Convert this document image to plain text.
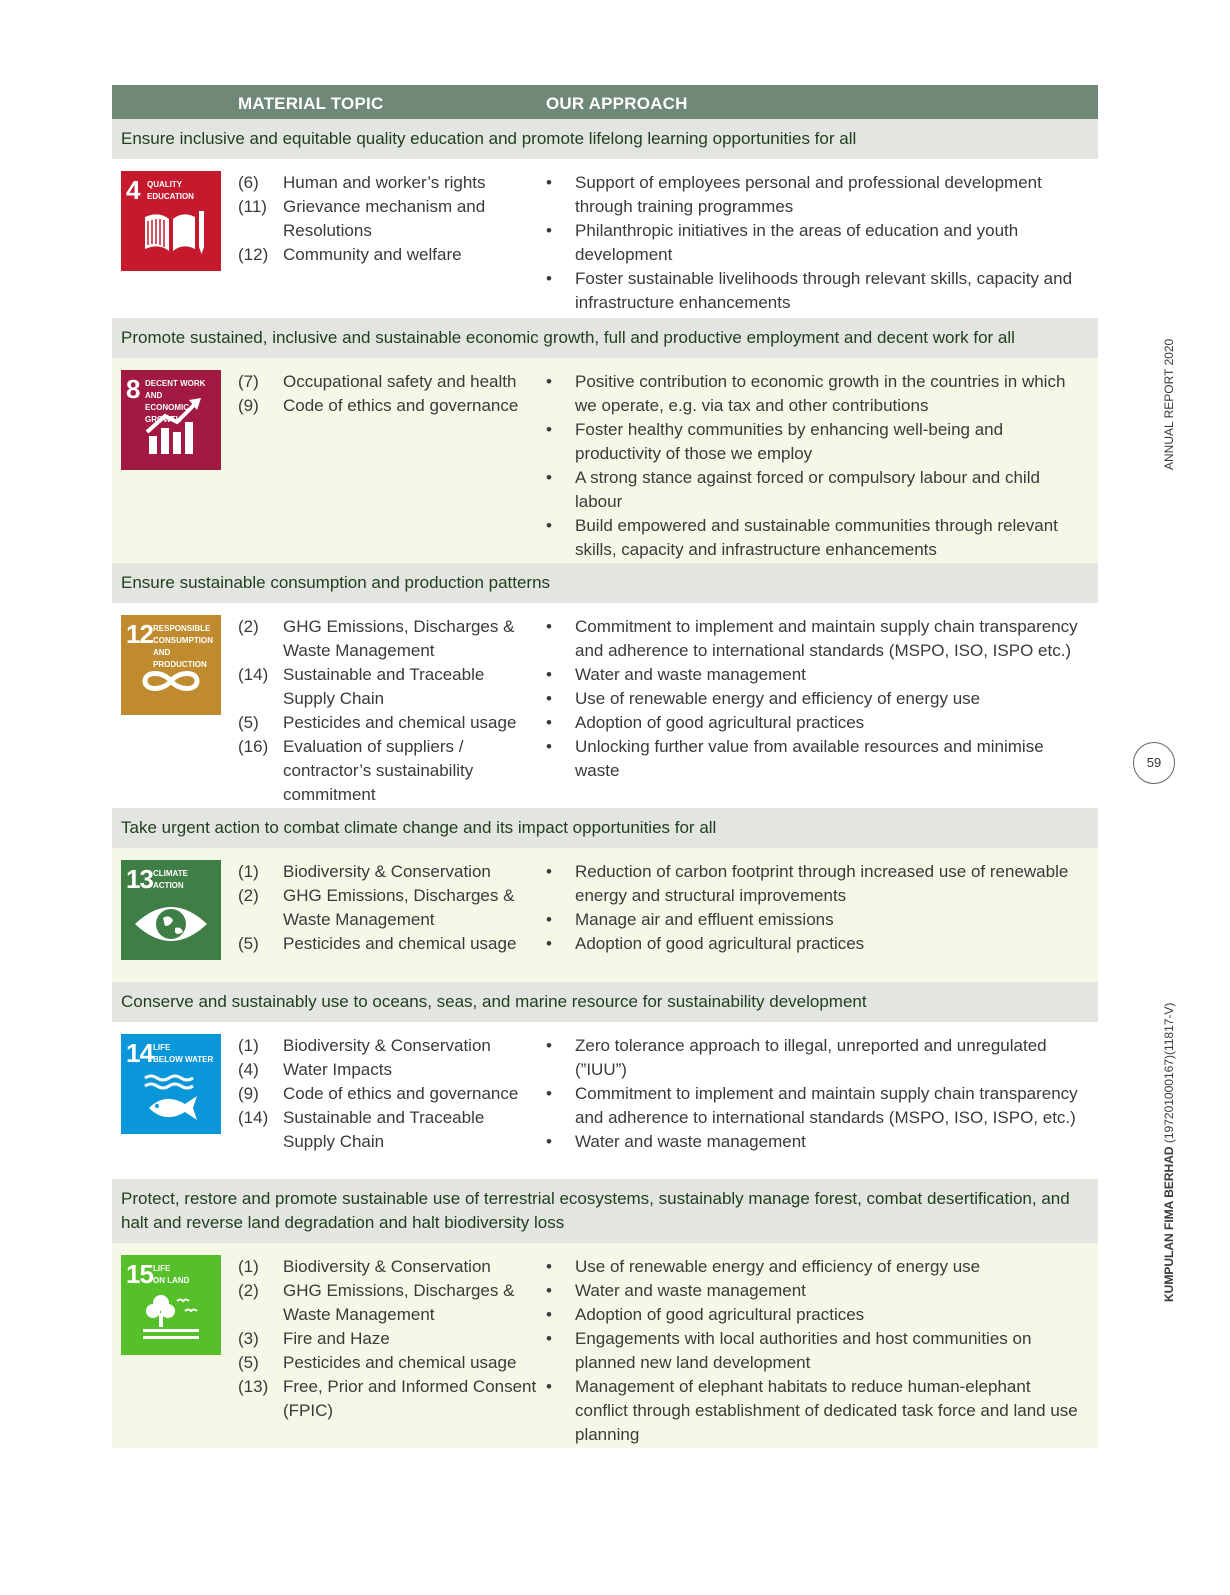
MATERIAL TOPIC	OUR APPROACH
Ensure inclusive and equitable quality education and promote lifelong learning opportunities for all
4 QUALITY
EDUCATION
(6)	Human and worker’s rights
(11) Grievance mechanism and Resolutions
(12) Community and welfare
•	Support of employees personal and professional development through training programmes
•	Philanthropic initiatives in the areas of education and youth development
•	Foster sustainable livelihoods through relevant skills, capacity and infrastructure enhancements
Promote sustained, inclusive and sustainable economic growth, full and productive employment and decent work for all
8 DECENT WORK AND
ECONOMIC GROWTH
(7)	Occupational safety and health
(9)	Code of ethics and governance
•	Positive contribution to economic growth in the countries in which we operate, e.g. via tax and other contributions
•	Foster healthy communities by enhancing well-being and productivity of those we employ
•	A strong stance against forced or compulsory labour and child labour
•	Build empowered and sustainable communities through relevant skills, capacity and infrastructure enhancements
Ensure sustainable consumption and production patterns
12 RESPONSIBLE
CONSUMPTION
AND PRODUCTION
(2)	GHG Emissions, Discharges & Waste Management
(14) Sustainable and Traceable Supply Chain
(5)	Pesticides and chemical usage
(16) Evaluation of suppliers / contractor’s sustainability commitment
•	Commitment to implement and maintain supply chain transparency and adherence to international standards (MSPO, ISO, ISPO etc.)
•	Water and waste management
•	Use of renewable energy and efficiency of energy use
•	Adoption of good agricultural practices
•	Unlocking further value from available resources and minimise waste
Take urgent action to combat climate change and its impact opportunities for all
13 CLIMATE
ACTION
(1)	Biodiversity & Conservation
(2)	GHG Emissions, Discharges & Waste Management
(5)	Pesticides and chemical usage
•	Reduction of carbon footprint through increased use of renewable energy and structural improvements
•	Manage air and effluent emissions
•	Adoption of good agricultural practices
Conserve and sustainably use to oceans, seas, and marine resource for sustainability development
14 LIFE
BELOW WATER
(1)	Biodiversity & Conservation
(4)	Water Impacts
(9)	Code of ethics and governance
(14) Sustainable and Traceable Supply Chain
•	Zero tolerance approach to illegal, unreported and unregulated (”IUU”)
•	Commitment to implement and maintain supply chain transparency and adherence to international standards (MSPO, ISO, ISPO, etc.)
•	Water and waste management
Protect, restore and promote sustainable use of terrestrial ecosystems, sustainably manage forest, combat desertification, and halt and reverse land degradation and halt biodiversity loss
15 LIFE
ON LAND
(1)	Biodiversity & Conservation
(2)	GHG Emissions, Discharges & Waste Management
(3)	Fire and Haze
(5)	Pesticides and chemical usage
(13) Free, Prior and Informed Consent (FPIC)
•	Use of renewable energy and efficiency of energy use
•	Water and waste management
•	Adoption of good agricultural practices
•	Engagements with local authorities and host communities on planned new land development
•	Management of elephant habitats to reduce human-elephant conflict through establishment of dedicated task force and land use planning
ANNUAL REPORT 2020
KUMPULAN FIMA BERHAD (197201000167)(11817-V)
59
